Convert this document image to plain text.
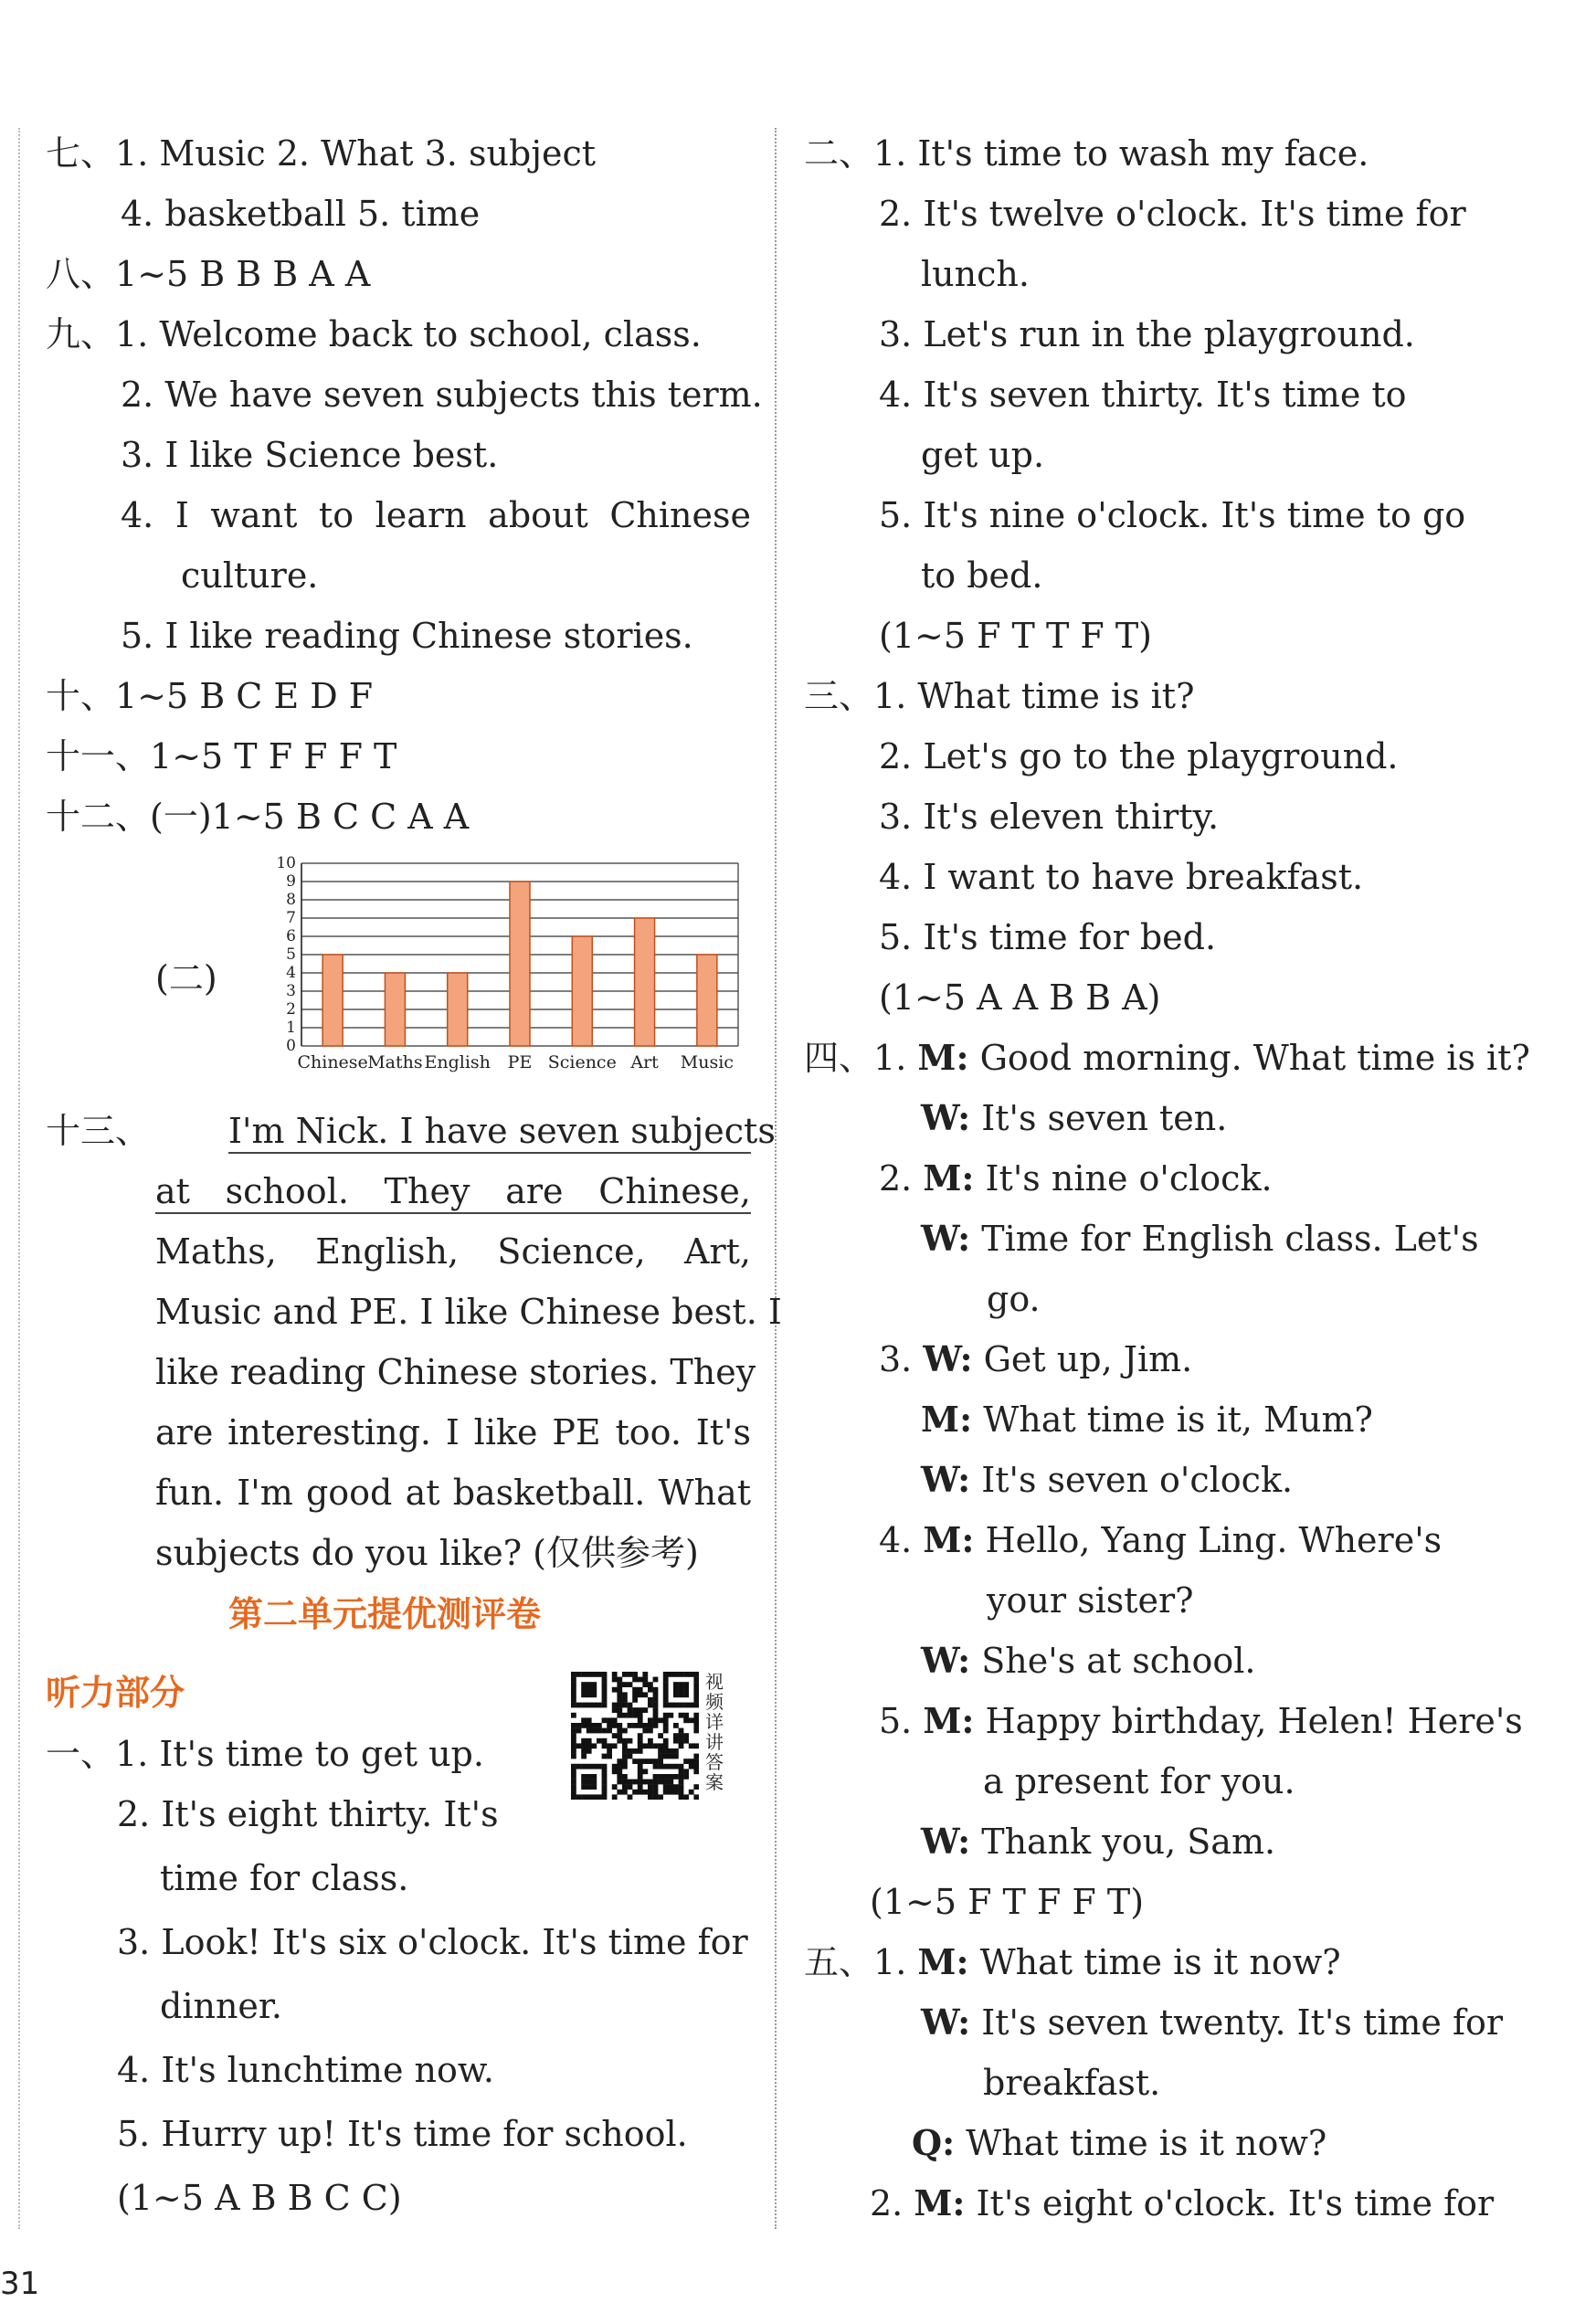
七、1. Music 2. What 3. subject
4. basketball 5. time
八、1~5 B B B A A
九、1. Welcome back to school, class.
2. We have seven subjects this term.
3. I like Science best.
4. I want to learn about Chinese
culture.
5. I like reading Chinese stories.
十、1~5 B C E D F
十一、1~5 T F F F T
十二、(一)1~5 B C C A A
(二)
0
1
2
3
4
5
6
7
8
9
10
Chinese Maths English PE Science Art Music
十三、 I'm Nick. I have seven subjects
at school. They are Chinese,
Maths, English, Science, Art,
Music and PE. I like Chinese best. I
like reading Chinese stories. They
are interesting. I like PE too. It's
fun. I'm good at basketball. What
subjects do you like? (仅供参考)
第二单元提优测评卷
听力部分	视频详讲答案
一、1. It's time to get up.
2. It's eight thirty. It's
time for class.
3. Look! It's six o'clock. It's time for
dinner.
4. It's lunchtime now.
5. Hurry up! It's time for school.
(1~5 A B B C C)
二、1. It's time to wash my face.
2. It's twelve o'clock. It's time for
lunch.
3. Let's run in the playground.
4. It's seven thirty. It's time to
get up.
5. It's nine o'clock. It's time to go
to bed.
(1~5 F T T F T)
三、1. What time is it?
2. Let's go to the playground.
3. It's eleven thirty.
4. I want to have breakfast.
5. It's time for bed.
(1~5 A A B B A)
四、1. M: Good morning. What time is it?
W: It's seven ten.
2. M: It's nine o'clock.
W: Time for English class. Let's
go.
3. W: Get up, Jim.
M: What time is it, Mum?
W: It's seven o'clock.
4. M: Hello, Yang Ling. Where's
your sister?
W: She's at school.
5. M: Happy birthday, Helen! Here's
a present for you.
W: Thank you, Sam.
(1~5 F T F F T)
五、1. M: What time is it now?
W: It's seven twenty. It's time for
breakfast.
Q: What time is it now?
2. M: It's eight o'clock. It's time for
31
